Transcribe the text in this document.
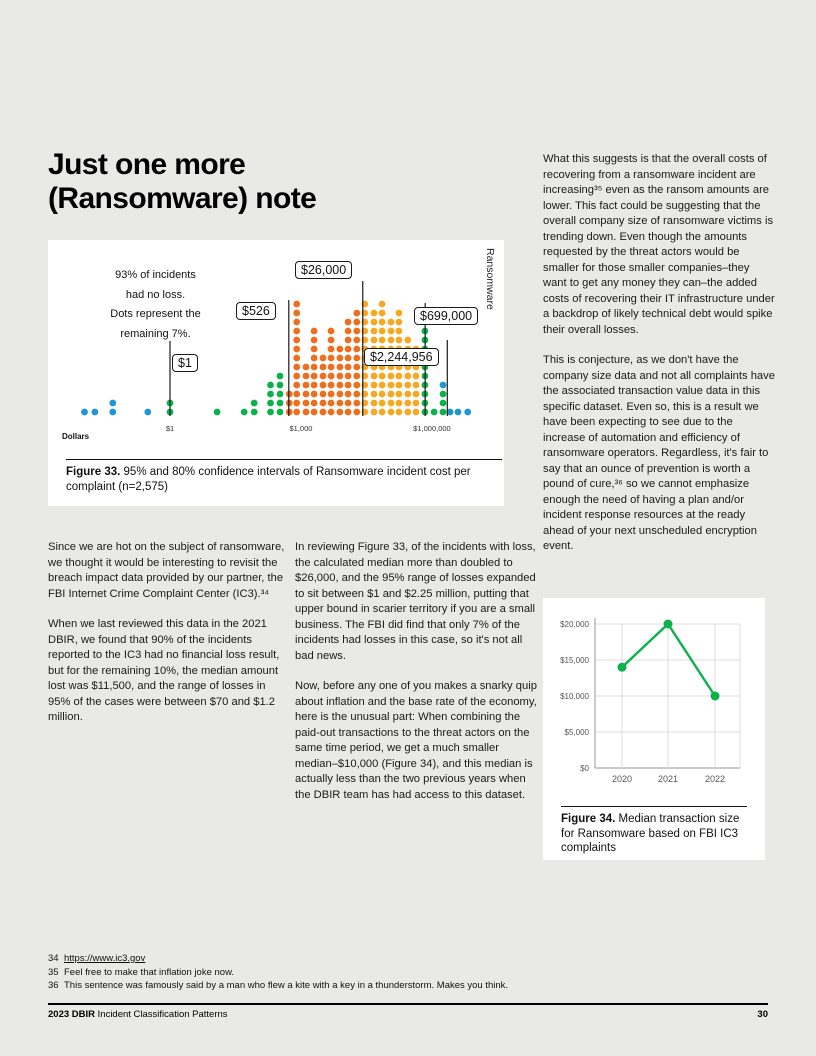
Just one more
(Ransomware) note
$1	$1,000	$1,000,000
93% of incidents
had no loss.
Dots represent the
remaining 7%.
$1
$526
$26,000
$699,000
$2,244,956
Ransomware
Dollars
Figure 33. 95% and 80% confidence intervals of Ransomware incident cost per complaint (n=2,575)

Since we are hot on the subject of ransomware, we thought it would be interesting to revisit the breach impact data provided by our partner, the FBI Internet Crime Complaint Center (IC3).³⁴

When we last reviewed this data in the 2021 DBIR, we found that 90% of the incidents reported to the IC3 had no financial loss result, but for the remaining 10%, the median amount lost was $11,500, and the range of losses in 95% of the cases were between $70 and $1.2 million.

In reviewing Figure 33, of the incidents with loss, the calculated median more than doubled to $26,000, and the 95% range of losses expanded to sit between $1 and $2.25 million, putting that upper bound in scarier territory if you are a small business. The FBI did find that only 7% of the incidents had losses in this case, so it's not all bad news.

Now, before any one of you makes a snarky quip about inflation and the base rate of the economy, here is the unusual part: When combining the paid-out transactions to the threat actors on the same time period, we get a much smaller median–$10,000 (Figure 34), and this median is actually less than the two previous years when the DBIR team has had access to this dataset.

What this suggests is that the overall costs of recovering from a ransomware incident are increasing³⁵ even as the ransom amounts are lower. This fact could be suggesting that the overall company size of ransomware victims is trending down. Even though the amounts requested by the threat actors would be smaller for those smaller companies–they want to get any money they can–the added costs of recovering their IT infrastructure under a backdrop of likely technical debt would spike their overall losses.

This is conjecture, as we don't have the company size data and not all complaints have the associated transaction value data in this specific dataset. Even so, this is a result we have been expecting to see due to the increase of automation and efficiency of ransomware operators. Regardless, it's fair to say that an ounce of prevention is worth a pound of cure,³⁶ so we cannot emphasize enough the need of having a plan and/or incident response resources at the ready ahead of your next unscheduled encryption event.

$0
$5,000
$10,000
$15,000
$20,000
2020	2021	2022
Figure 34. Median transaction size for Ransomware based on FBI IC3 complaints
34 https://www.ic3.gov
35 Feel free to make that inflation joke now.
36 This sentence was famously said by a man who flew a kite with a key in a thunderstorm. Makes you think.
2023 DBIR Incident Classification Patterns	30
